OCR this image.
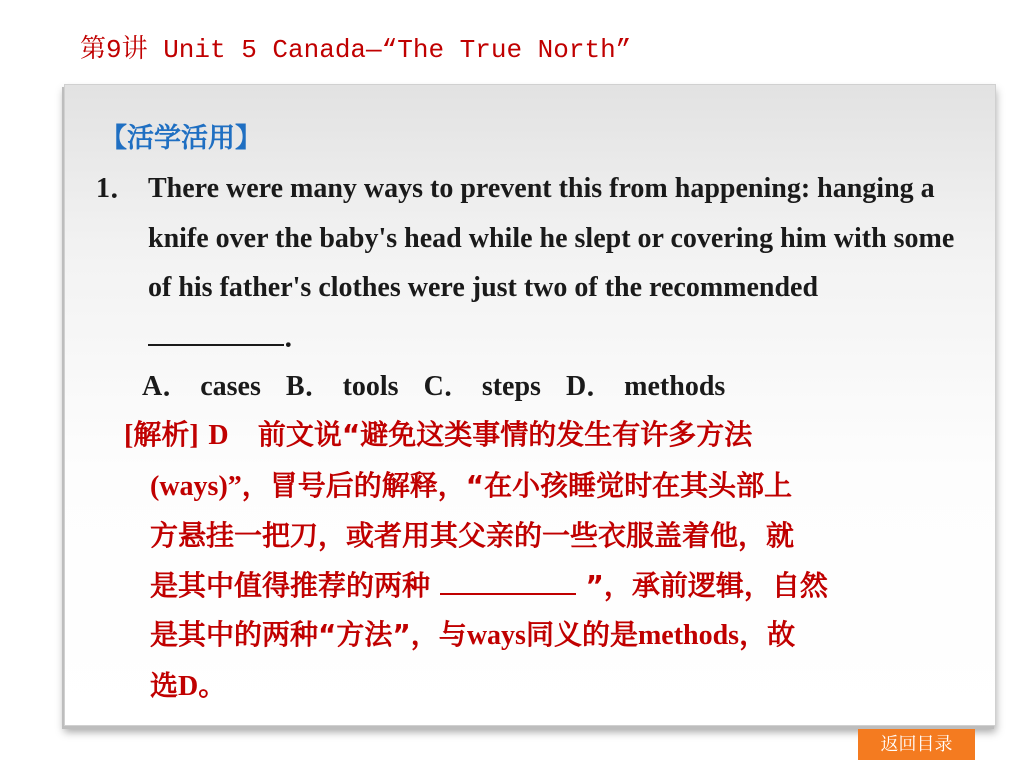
第9讲 Unit 5 Canada—“The True North”
【活学活用】
1． There were many ways to prevent this from happening: hanging a knife over the baby's head while he slept or covering him with some of his father's clothes were just two of the recommended ．

A． cases B． tools C． steps D． methods

[解析] D 前文说“避免这类事情的发生有许多方法

(ways)”，冒号后的解释，“在小孩睡觉时在其头部上

方悬挂一把刀，或者用其父亲的一些衣服盖着他，就

是其中值得推荐的两种	”，承前逻辑，自然

是其中的两种“方法”，与ways同义的是methods，故

选D。

返回目录
